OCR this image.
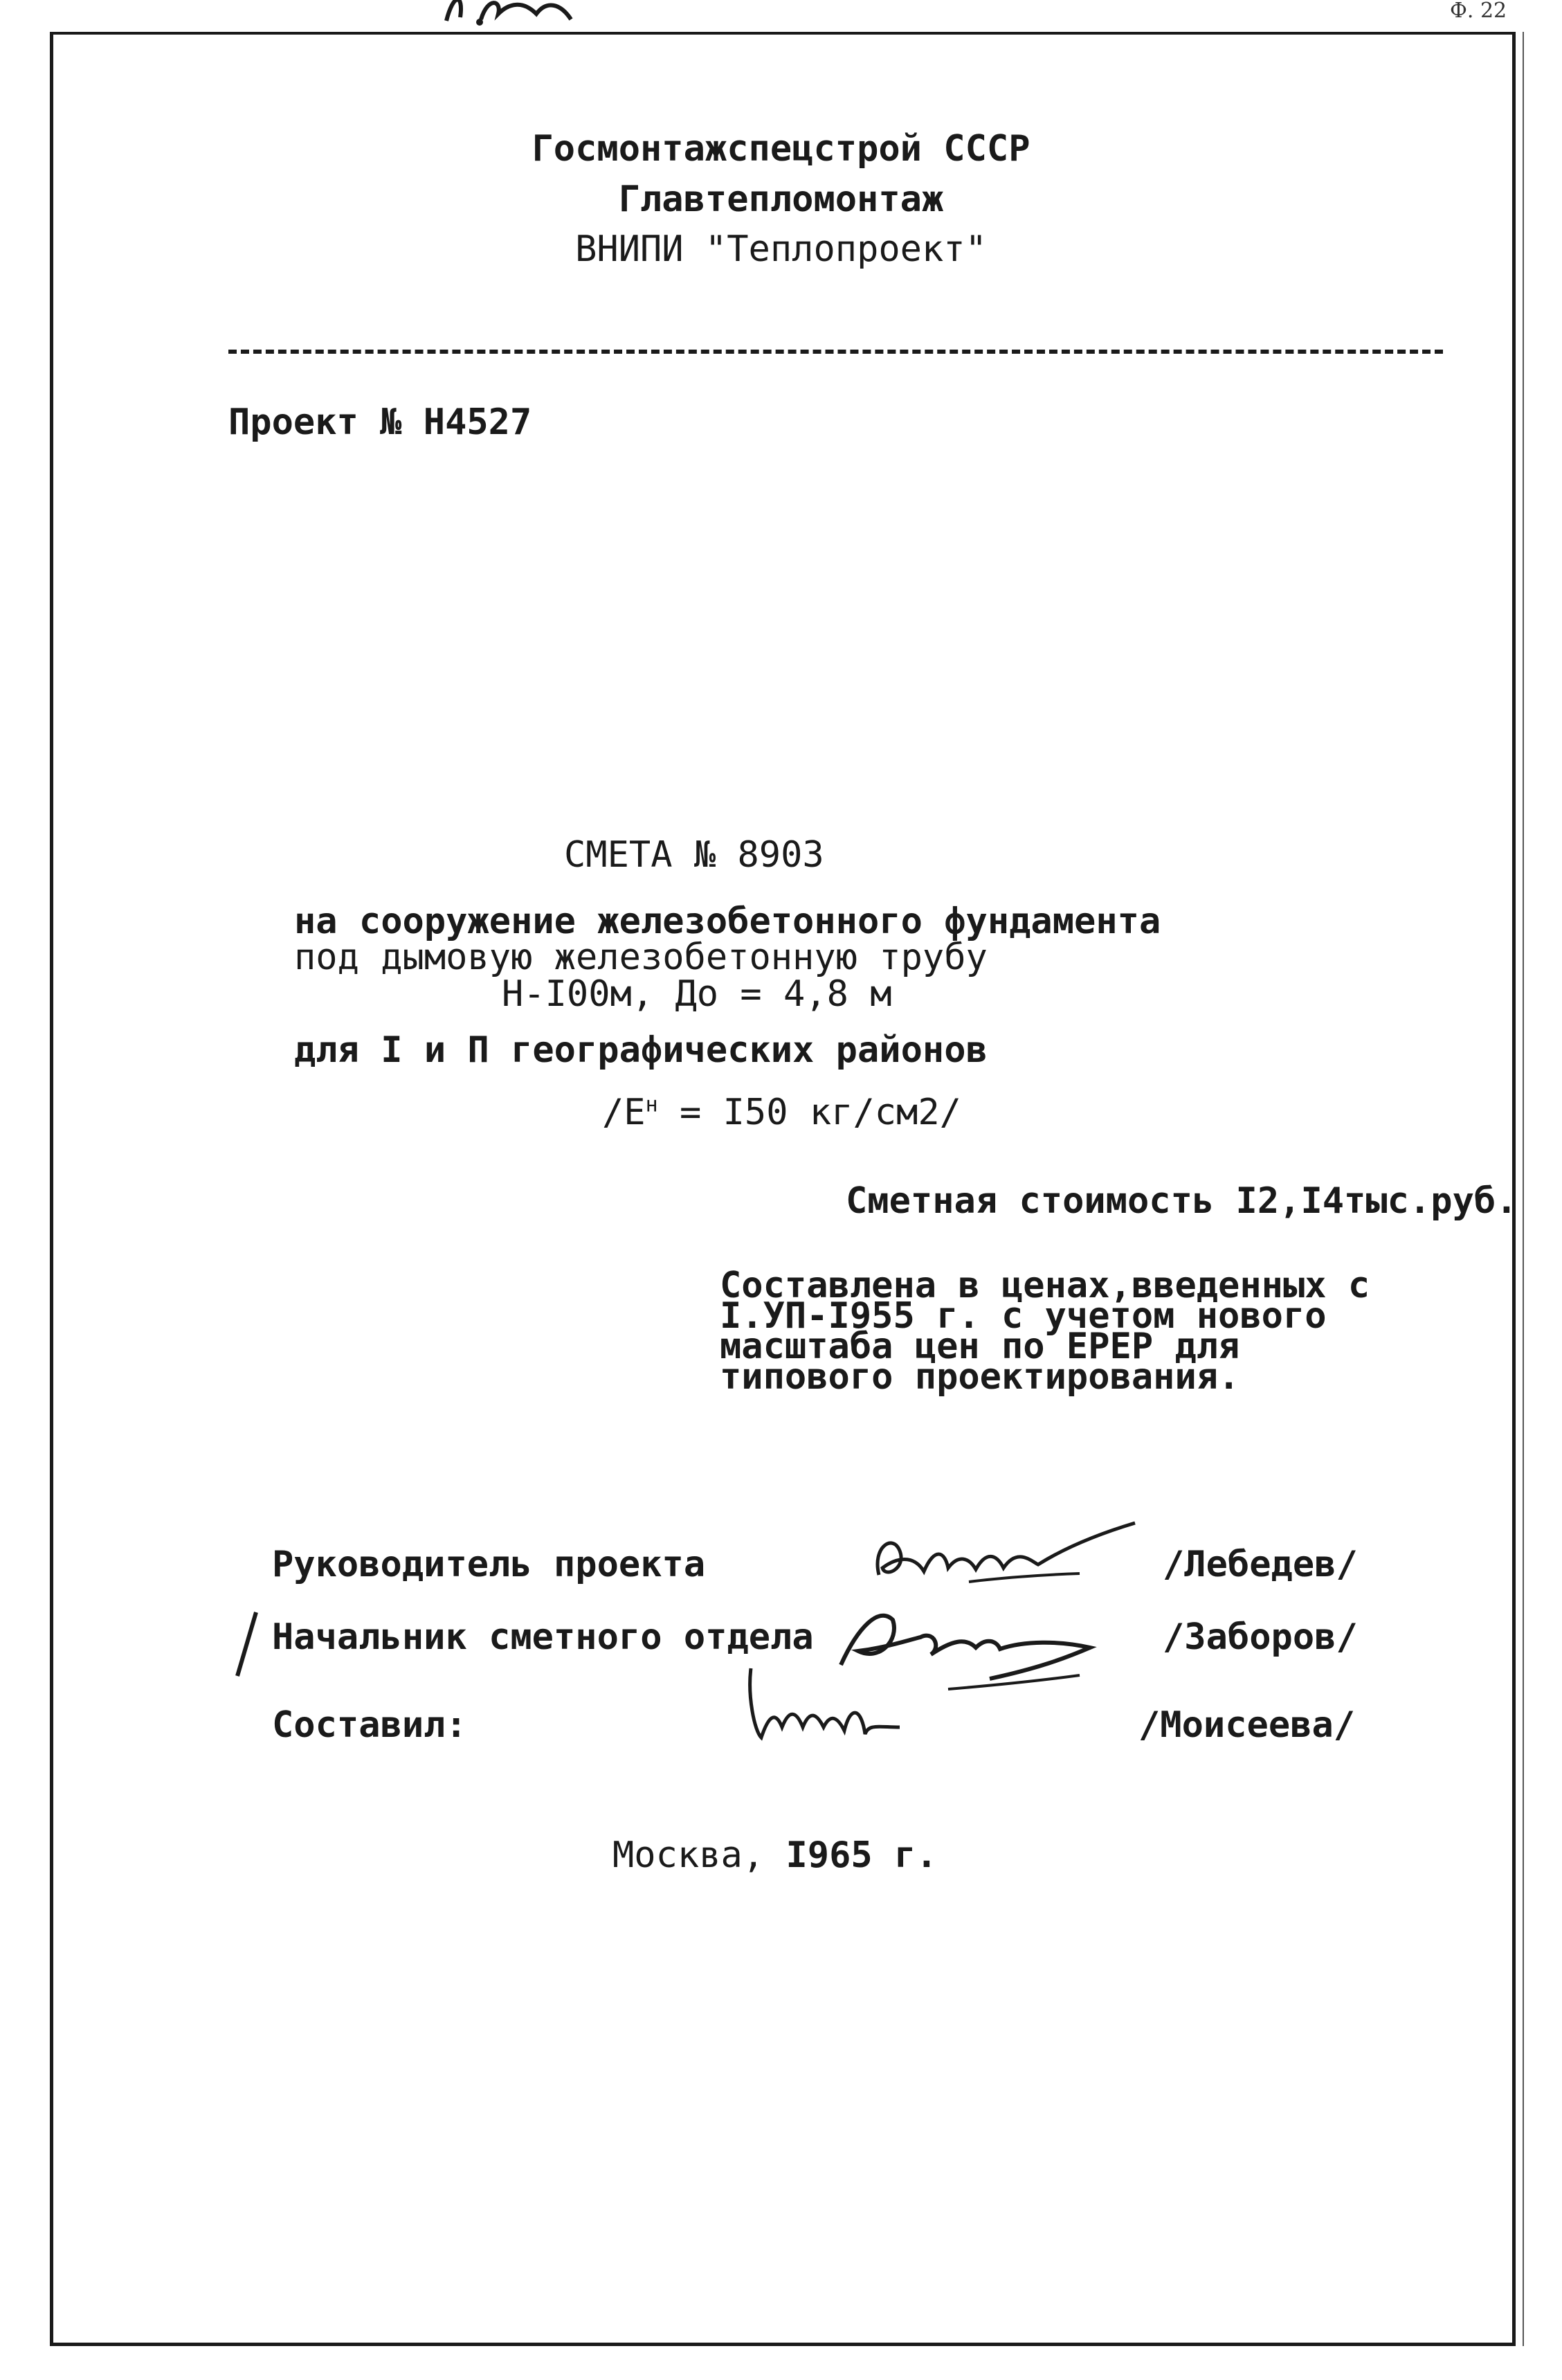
Ф. 22
Госмонтажспецстрой СССР
Главтепломонтаж
ВНИПИ "Теплопроект"
Проект № Н4527
СМЕТА № 8903
на сооружение железобетонного фундамента
под дымовую железобетонную трубу
Н-I00м, До = 4,8 м
для I и П географических районов
$/Е^н = I50$ кг/см2/
Сметная стоимость I2,I4тыс.руб.
Составлена в ценах,введенных с
I.УП-I955 г. с учетом нового
масштаба цен по ЕРЕР для
типового проектирования.
Руководитель проекта
Начальник сметного отдела
Составил:
/Лебедев/
/Заборов/
/Моисеева/
Москва, I965 г.
